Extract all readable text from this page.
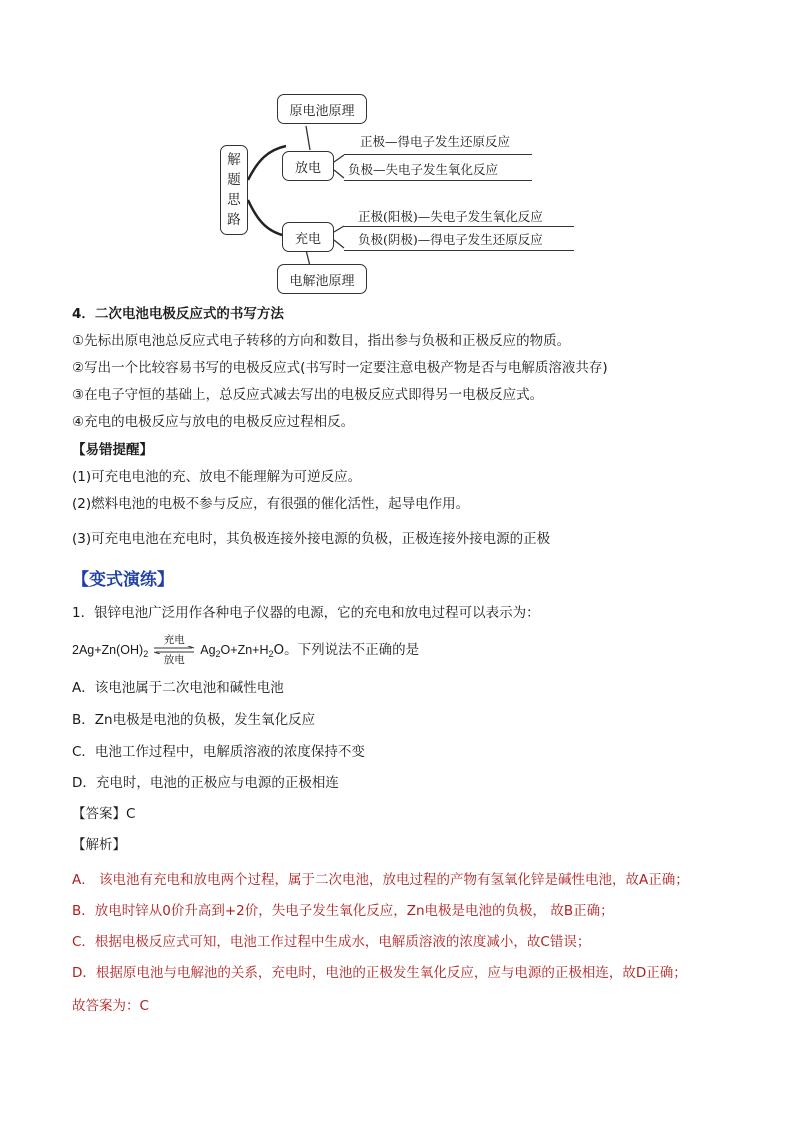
解
题
思
路
原电池原理
放电
充电
电解池原理
正极—得电子发生还原反应
负极—失电子发生氧化反应
正极(阳极)—失电子发生氧化反应
负极(阴极)—得电子发生还原反应
4．二次电池电极反应式的书写方法
①先标出原电池总反应式电子转移的方向和数目，指出参与负极和正极反应的物质。
②写出一个比较容易书写的电极反应式(书写时一定要注意电极产物是否与电解质溶液共存)
③在电子守恒的基础上，总反应式减去写出的电极反应式即得另一电极反应式。
④充电的电极反应与放电的电极反应过程相反。
【易错提醒】
(1)可充电电池的充、放电不能理解为可逆反应。
(2)燃料电池的电极不参与反应，有很强的催化活性，起导电作用。
(3)可充电电池在充电时，其负极连接外接电源的负极，正极连接外接电源的正极
【变式演练】
1．银锌电池广泛用作各种电子仪器的电源，它的充电和放电过程可以表示为：
2Ag+Zn(OH) 2
充电
放电
Ag 2 O+Zn+H 2 O。下列说法不正确的是
A．该电池属于二次电池和碱性电池
B．Zn电极是电池的负极，发生氧化反应
C．电池工作过程中，电解质溶液的浓度保持不变
D．充电时，电池的正极应与电源的正极相连
【答案】C
【解析】
A． 该电池有充电和放电两个过程，属于二次电池，放电过程的产物有氢氧化锌是碱性电池，故A正确；
B．放电时锌从0价升高到+2价，失电子发生氧化反应，Zn电极是电池的负极， 故B正确；
C．根据电极反应式可知，电池工作过程中生成水，电解质溶液的浓度减小，故C错误；
D．根据原电池与电解池的关系，充电时，电池的正极发生氧化反应，应与电源的正极相连，故D正确；
故答案为：C
